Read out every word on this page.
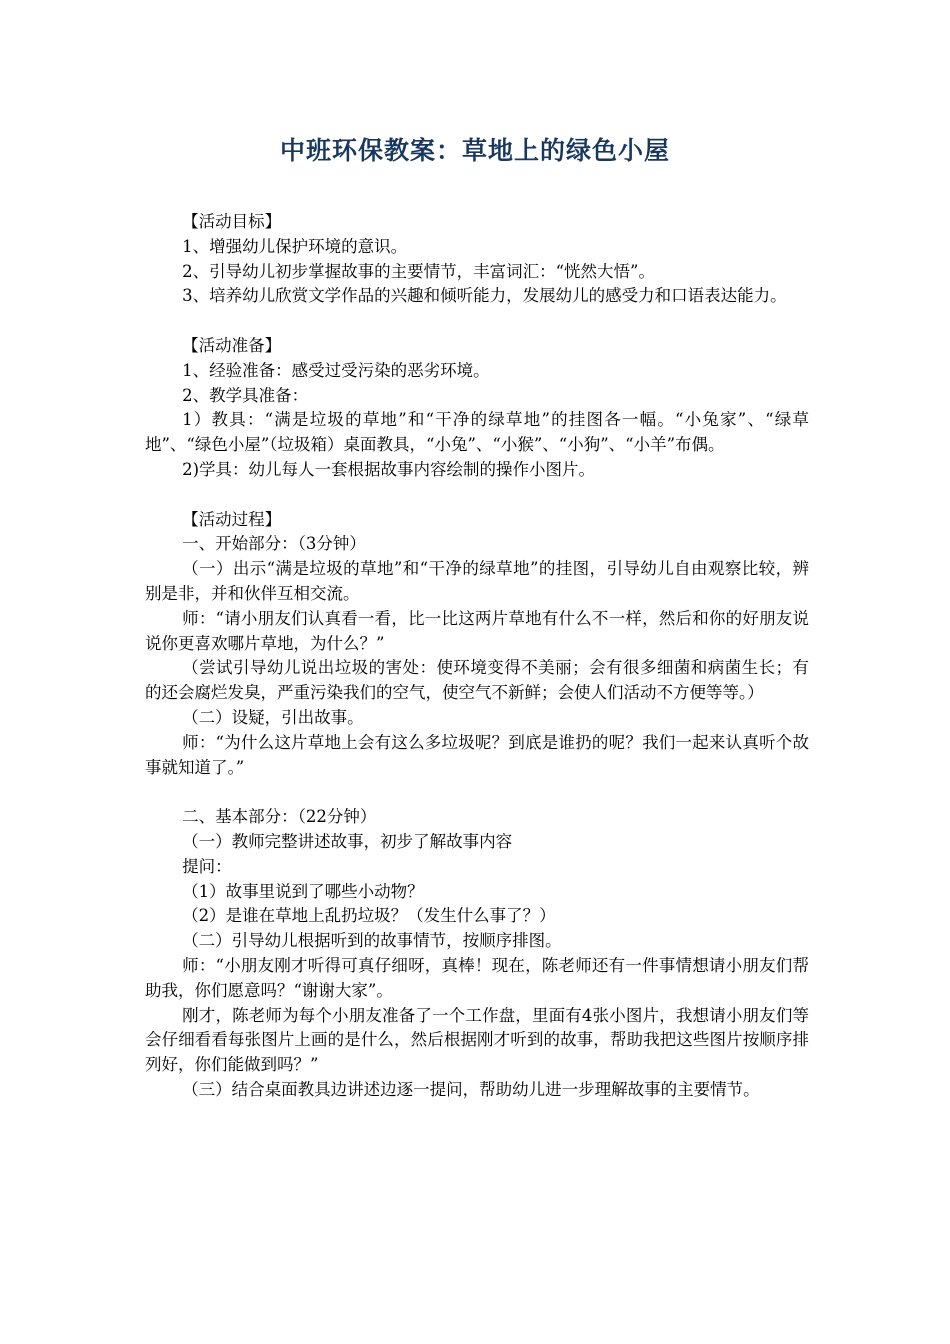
中班环保教案：草地上的绿色小屋

【活动目标】

1、增强幼儿保护环境的意识。

2、引导幼儿初步掌握故事的主要情节，丰富词汇：“恍然大悟”。

3、培养幼儿欣赏文学作品的兴趣和倾听能力，发展幼儿的感受力和口语表达能力。

【活动准备】

1、经验准备：感受过受污染的恶劣环境。

2、教学具准备：

1）教具：“满是垃圾的草地”和“干净的绿草地”的挂图各一幅。“小兔家”、“绿草地”、“绿色小屋”（垃圾箱）桌面教具，“小兔”、“小猴”、“小狗”、“小羊”布偶。

2)学具：幼儿每人一套根据故事内容绘制的操作小图片。

【活动过程】

一、开始部分：（3分钟）

（一）出示“满是垃圾的草地”和“干净的绿草地”的挂图，引导幼儿自由观察比较，辨别是非，并和伙伴互相交流。

师：“请小朋友们认真看一看，比一比这两片草地有什么不一样，然后和你的好朋友说说你更喜欢哪片草地，为什么？”

（尝试引导幼儿说出垃圾的害处：使环境变得不美丽；会有很多细菌和病菌生长；有的还会腐烂发臭，严重污染我们的空气，使空气不新鲜；会使人们活动不方便等等。）

（二）设疑，引出故事。

师：“为什么这片草地上会有这么多垃圾呢？到底是谁扔的呢？我们一起来认真听个故事就知道了。”

二、基本部分：（22分钟）

（一）教师完整讲述故事，初步了解故事内容

提问：

（1）故事里说到了哪些小动物？

（2）是谁在草地上乱扔垃圾？（发生什么事了？）

（二）引导幼儿根据听到的故事情节，按顺序排图。

师：“小朋友刚才听得可真仔细呀，真棒！现在，陈老师还有一件事情想请小朋友们帮助我，你们愿意吗？“谢谢大家”。

刚才，陈老师为每个小朋友准备了一个工作盘，里面有4张小图片，我想请小朋友们等会仔细看看每张图片上画的是什么，然后根据刚才听到的故事，帮助我把这些图片按顺序排列好，你们能做到吗？”

（三）结合桌面教具边讲述边逐一提问，帮助幼儿进一步理解故事的主要情节。
